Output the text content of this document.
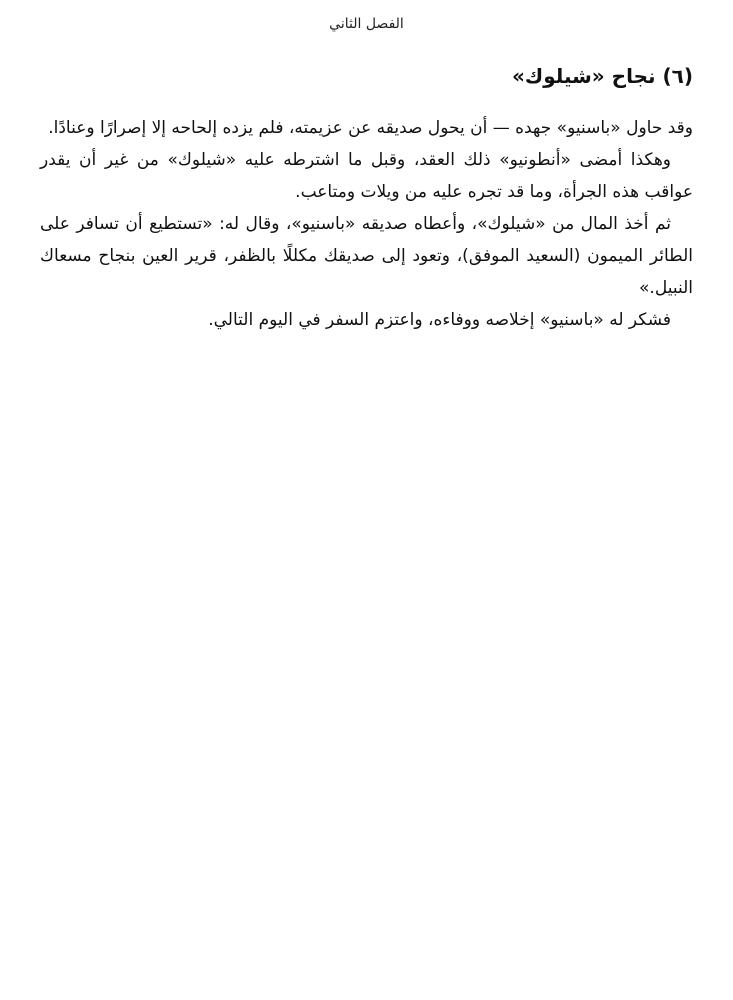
الفصل الثاني
(٦) نجاح «شيلوك»

وقد حاول «باسنيو» جهده — أن يحول صديقه عن عزيمته، فلم يزده إلحاحه إلا إصرارًا وعنادًا.

وهكذا أمضى «أنطونيو» ذلك العقد، وقبل ما اشترطه عليه «شيلوك» من غير أن يقدر عواقب هذه الجرأة، وما قد تجره عليه من ويلات ومتاعب.

ثم أخذ المال من «شيلوك»، وأعطاه صديقه «باسنيو»، وقال له: «تستطيع أن تسافر على الطائر الميمون (السعيد الموفق)، وتعود إلى صديقك مكللًا بالظفر، قرير العين بنجاح مسعاك النبيل.»

فشكر له «باسنيو» إخلاصه ووفاءه، واعتزم السفر في اليوم التالي.
